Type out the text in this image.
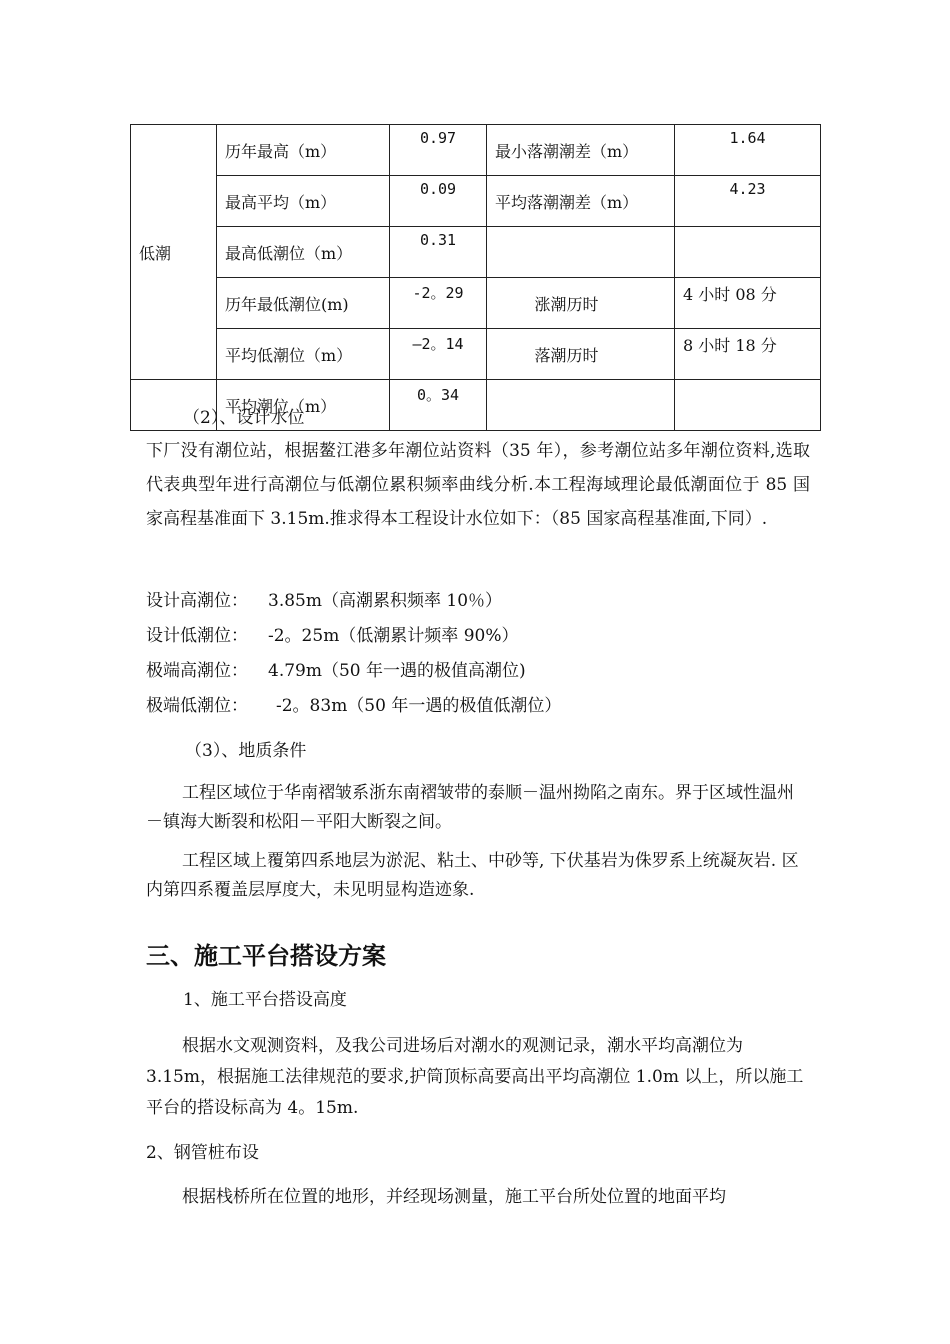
低潮	历年最高（m）	0.97	最小落潮潮差（m）	1.64
	最高平均（m）	0.09	平均落潮潮差（m）	4.23
	最高低潮位（m）	0.31		
	历年最低潮位(m)	-2。29	涨潮历时	4 小时 08 分
	平均低潮位（m）	—2。14	落潮历时	8 小时 18 分
	平均潮位（m）	0。34		
（2）、设计水位
下厂没有潮位站，根据鳌江港多年潮位站资料（35 年），参考潮位站多年潮位资料,选取代表典型年进行高潮位与低潮位累积频率曲线分析.本工程海域理论最低潮面位于 85 国家高程基准面下 3.15m.推求得本工程设计水位如下：（85 国家高程基准面,下同）.
设计高潮位： 3.85m（高潮累积频率 10％）
设计低潮位： -2。25m（低潮累计频率 90%）
极端高潮位： 4.79m（50 年一遇的极值高潮位)
极端低潮位： -2。83m（50 年一遇的极值低潮位）
（3）、地质条件
工程区域位于华南褶皱系浙东南褶皱带的泰顺－温州拗陷之南东。界于区域性温州－镇海大断裂和松阳－平阳大断裂之间。
工程区域上覆第四系地层为淤泥、粘土、中砂等, 下伏基岩为侏罗系上统凝灰岩. 区内第四系覆盖层厚度大，未见明显构造迹象.
三、施工平台搭设方案
1、施工平台搭设高度
根据水文观测资料，及我公司进场后对潮水的观测记录，潮水平均高潮位为 3.15m，根据施工法律规范的要求,护筒顶标高要高出平均高潮位 1.0m 以上，所以施工平台的搭设标高为 4。15m.
2、钢管桩布设
根据栈桥所在位置的地形，并经现场测量，施工平台所处位置的地面平均
